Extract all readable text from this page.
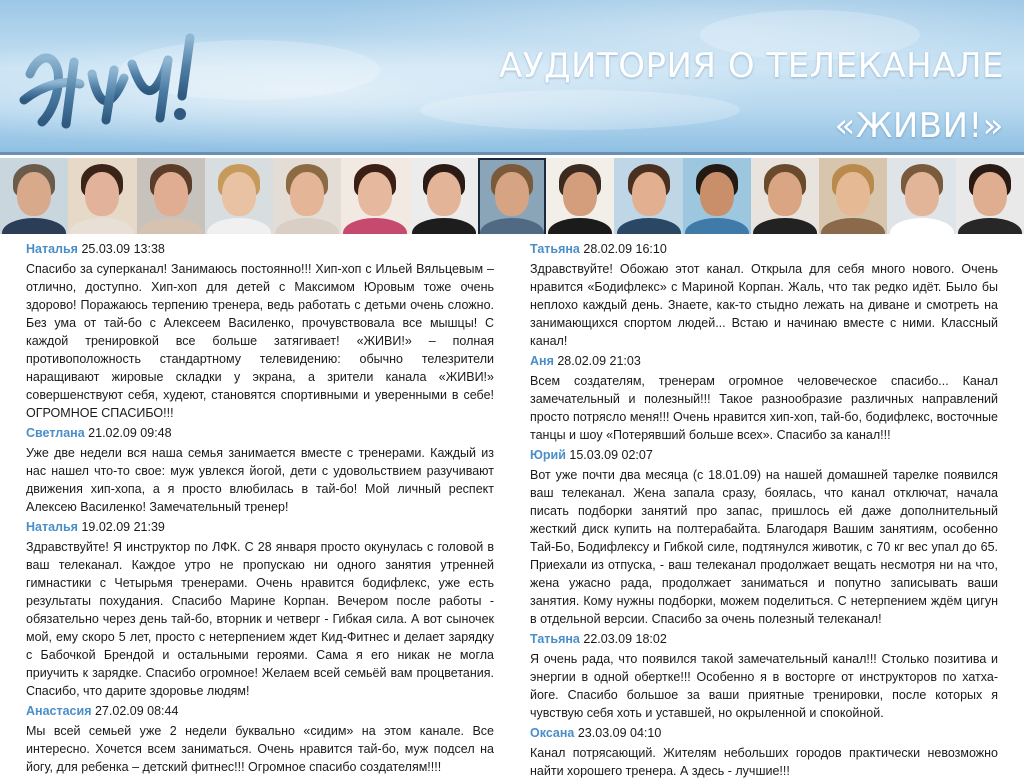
АУДИТОРИЯ О ТЕЛЕКАНАЛЕ
«ЖИВИ!»
Наталья 25.03.09 13:38

Спасибо за суперканал! Занимаюсь постоянно!!! Хип-хоп с Ильей Вяльцевым – отлично, доступно. Хип-хоп для детей с Максимом Юровым тоже очень здорово! Поражаюсь терпению тренера, ведь работать с детьми очень сложно. Без ума от тай-бо с Алексеем Василенко, прочувствовала все мышцы! С каждой тренировкой все больше затягивает! «ЖИВИ!» – полная противоположность стандартному телевидению: обычно телезрители наращивают жировые складки у экрана, а зрители канала «ЖИВИ!» совершенствуют себя, худеют, становятся спортивными и уверенными в себе! ОГРОМНОЕ СПАСИБО!!!

Светлана 21.02.09 09:48

Уже две недели вся наша семья занимается вместе с тренерами. Каждый из нас нашел что-то свое: муж увлекся йогой, дети с удовольствием разучивают движения хип-хопа, а я просто влюбилась в тай-бо! Мой личный респект Алексею Василенко! Замечательный тренер!

Наталья 19.02.09 21:39

Здравствуйте! Я инструктор по ЛФК. С 28 января просто окунулась с головой в ваш телеканал. Каждое утро не пропускаю ни одного занятия утренней гимнастики с Четырьмя тренерами. Очень нравится бодифлекс, уже есть результаты похудания. Спасибо Марине Корпан. Вечером после работы - обязательно через день тай-бо, вторник и четверг - Гибкая сила. А вот сыночек мой, ему скоро 5 лет, просто с нетерпением ждет Кид-Фитнес и делает зарядку с Бабочкой Брендой и остальными героями. Сама я его никак не могла приучить к зарядке. Спасибо огромное! Желаем всей семьёй вам процветания. Спасибо, что дарите здоровье людям!

Анастасия 27.02.09 08:44

Мы всей семьей уже 2 недели буквально «сидим» на этом канале. Все интересно. Хочется всем заниматься. Очень нравится тай-бо, муж подсел на йогу, для ребенка – детский фитнес!!! Огромное спасибо создателям!!!!

Татьяна 28.02.09 16:10

Здравствуйте! Обожаю этот канал. Открыла для себя много нового. Очень нравится «Бодифлекс» с Мариной Корпан. Жаль, что так редко идёт. Было бы неплохо каждый день. Знаете, как-то стыдно лежать на диване и смотреть на занимающихся спортом людей... Встаю и начинаю вместе с ними. Классный канал!

Аня 28.02.09 21:03

Всем создателям, тренерам огромное человеческое спасибо... Канал замечательный и полезный!!! Такое разнообразие различных направлений просто потрясло меня!!! Очень нравится хип-хоп, тай-бо, бодифлекс, восточные танцы и шоу «Потерявший больше всех». Спасибо за канал!!!

Юрий 15.03.09 02:07

Вот уже почти два месяца (с 18.01.09) на нашей домашней тарелке появился ваш телеканал. Жена запала сразу, боялась, что канал отключат, начала писать подборки занятий про запас, пришлось ей даже дополнительный жесткий диск купить на полтерабайта. Благодаря Вашим занятиям, особенно Тай-Бо, Бодифлексу и Гибкой силе, подтянулся животик, с 70 кг вес упал до 65. Приехали из отпуска, - ваш телеканал продолжает вещать несмотря ни на что, жена ужасно рада, продолжает заниматься и попутно записывать ваши занятия. Кому нужны подборки, можем поделиться. С нетерпением ждём цигун в отдельной версии. Спасибо за очень полезный телеканал!

Татьяна 22.03.09 18:02

Я очень рада, что появился такой замечательный канал!!! Столько позитива и энергии в одной обертке!!! Особенно я в восторге от инструкторов по хатха-йоге. Спасибо большое за ваши приятные тренировки, после которых я чувствую себя хоть и уставшей, но окрыленной и спокойной.

Оксана 23.03.09 04:10

Канал потрясающий. Жителям небольших городов практически невозможно найти хорошего тренера. А здесь - лучшие!!!
